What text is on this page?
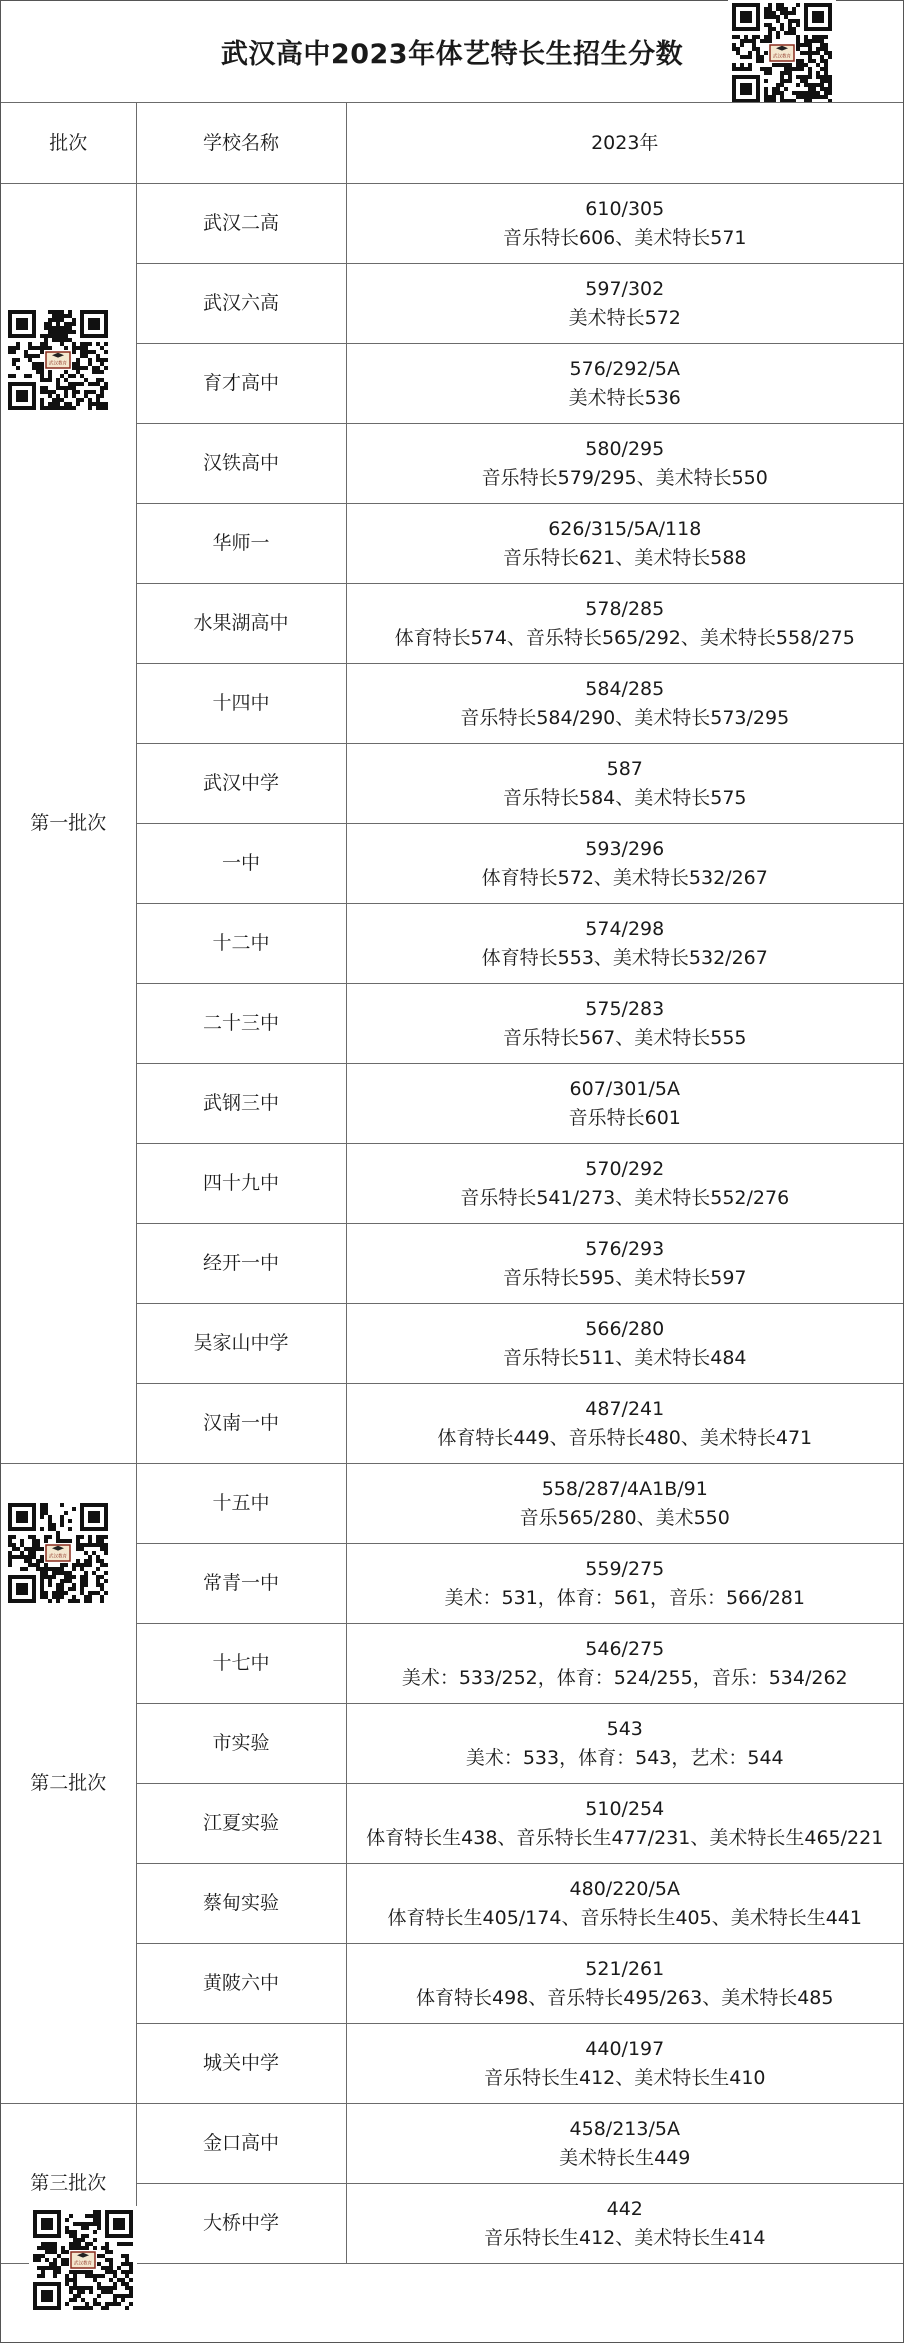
武汉高中2023年体艺特长生招生分数	武汉教育
批次	学校名称	2023年
第一批次	武汉二高	610/305
音乐特长606、美术特长571

	武汉六高	597/302
美术特长572

	育才高中	576/292/5A
美术特长536

	汉铁高中	580/295
音乐特长579/295、美术特长550

	华师一	626/315/5A/118
音乐特长621、美术特长588

	水果湖高中	578/285
体育特长574、音乐特长565/292、美术特长558/275

	十四中	584/285
音乐特长584/290、美术特长573/295

	武汉中学	587
音乐特长584、美术特长575

	一中	593/296
体育特长572、美术特长532/267

	十二中	574/298
体育特长553、美术特长532/267

	二十三中	575/283
音乐特长567、美术特长555

	武钢三中	607/301/5A
音乐特长601

	四十九中	570/292
音乐特长541/273、美术特长552/276

	经开一中	576/293
音乐特长595、美术特长597

	吴家山中学	566/280
音乐特长511、美术特长484

	汉南一中	487/241
体育特长449、音乐特长480、美术特长471

第二批次	十五中	558/287/4A1B/91
音乐565/280、美术550

	常青一中	559/275
美术：531，体育：561，音乐：566/281

	十七中	546/275
美术：533/252，体育：524/255，音乐：534/262

	市实验	543
美术：533，体育：543，艺术：544

	江夏实验	510/254
体育特长生438、音乐特长生477/231、美术特长生465/221

	蔡甸实验	480/220/5A
体育特长生405/174、音乐特长生405、美术特长生441

	黄陂六中	521/261
体育特长498、音乐特长495/263、美术特长485

	城关中学	440/197
音乐特长生412、美术特长生410

第三批次	金口高中	458/213/5A
美术特长生449

	大桥中学	442
音乐特长生412、美术特长生414
武汉教育
武汉教育
武汉教育
